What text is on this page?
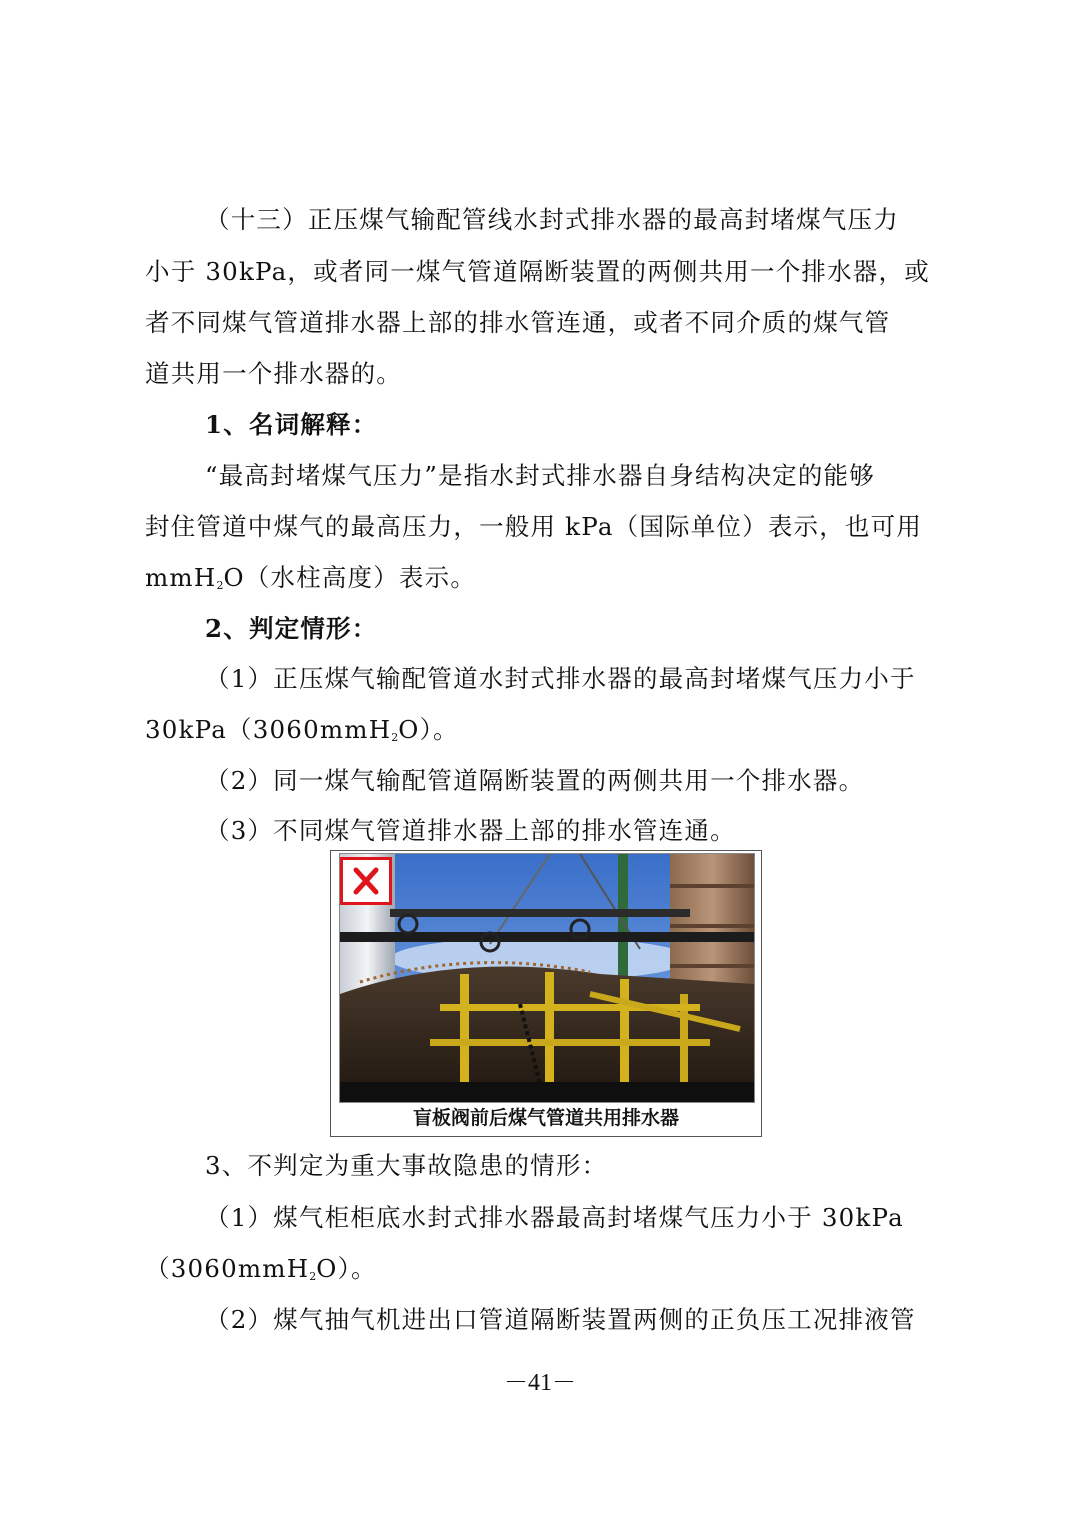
（十三）正压煤气输配管线水封式排水器的最高封堵煤气压力
小于 30kPa，或者同一煤气管道隔断装置的两侧共用一个排水器，或
者不同煤气管道排水器上部的排水管连通，或者不同介质的煤气管
道共用一个排水器的。
1、名词解释：
“最高封堵煤气压力”是指水封式排水器自身结构决定的能够
封住管道中煤气的最高压力，一般用 kPa（国际单位）表示，也可用
mmH2O（水柱高度）表示。
2、判定情形：
（1）正压煤气输配管道水封式排水器的最高封堵煤气压力小于
30kPa（3060mmH2O）。
（2）同一煤气输配管道隔断装置的两侧共用一个排水器。
（3）不同煤气管道排水器上部的排水管连通。
盲板阀前后煤气管道共用排水器
3、不判定为重大事故隐患的情形：
（1）煤气柜柜底水封式排水器最高封堵煤气压力小于 30kPa
（3060mmH2O）。
（2）煤气抽气机进出口管道隔断装置两侧的正负压工况排液管
－41－
